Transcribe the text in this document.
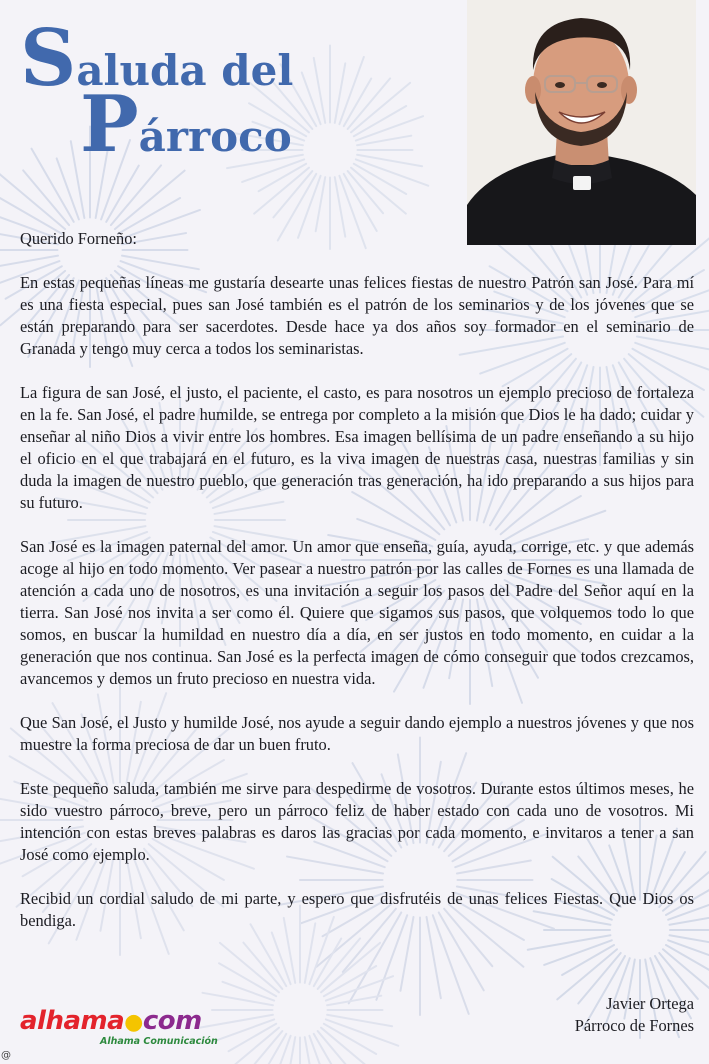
Saluda del
Párroco

Querido Forneño:

En estas pequeñas líneas me gustaría desearte unas felices fiestas de nuestro Patrón san José. Para mí es una fiesta especial, pues san José también es el patrón de los seminarios y de los jóvenes que se están preparando para ser sacerdotes. Desde hace ya dos años soy formador en el seminario de Granada y tengo muy cerca a todos los seminaristas.

La figura de san José, el justo, el paciente, el casto, es para nosotros un ejemplo precioso de fortaleza en la fe. San José, el padre humilde, se entrega por completo a la misión que Dios le ha dado; cuidar y enseñar al niño Dios a vivir entre los hombres. Esa imagen bellísima de un padre enseñando a su hijo el oficio en el que trabajará en el futuro, es la viva imagen de nuestras casa, nuestras familias y sin duda la imagen de nuestro pueblo, que generación tras generación, ha ido preparando a sus hijos para su futuro.

San José es la imagen paternal del amor. Un amor que enseña, guía, ayuda, corrige, etc. y que además acoge al hijo en todo momento. Ver pasear a nuestro patrón por las calles de Fornes es una llamada de atención a cada uno de nosotros, es una invitación a seguir los pasos del Padre del Señor aquí en la tierra. San José nos invita a ser como él. Quiere que sigamos sus pasos, que volquemos todo lo que somos, en buscar la humildad en nuestro día a día, en ser justos en todo momento, en cuidar a la generación que nos continua. San José es la perfecta imagen de cómo conseguir que todos crezcamos, avancemos y demos un fruto precioso en nuestra vida.

Que San José, el Justo y humilde José, nos ayude a seguir dando ejemplo a nuestros jóvenes y que nos muestre la forma preciosa de dar un buen fruto.

Este pequeño saluda, también me sirve para despedirme de vosotros. Durante estos últimos meses, he sido vuestro párroco, breve, pero un párroco feliz de haber estado con cada uno de vosotros. Mi intención con estas breves palabras es daros las gracias por cada momento, e invitaros a tener a san José como ejemplo.

Recibid un cordial saludo de mi parte, y espero que disfrutéis de unas felices Fiestas. Que Dios os bendiga.

Javier Ortega
Párroco de Fornes
alhama●com
Alhama Comunicación
@
